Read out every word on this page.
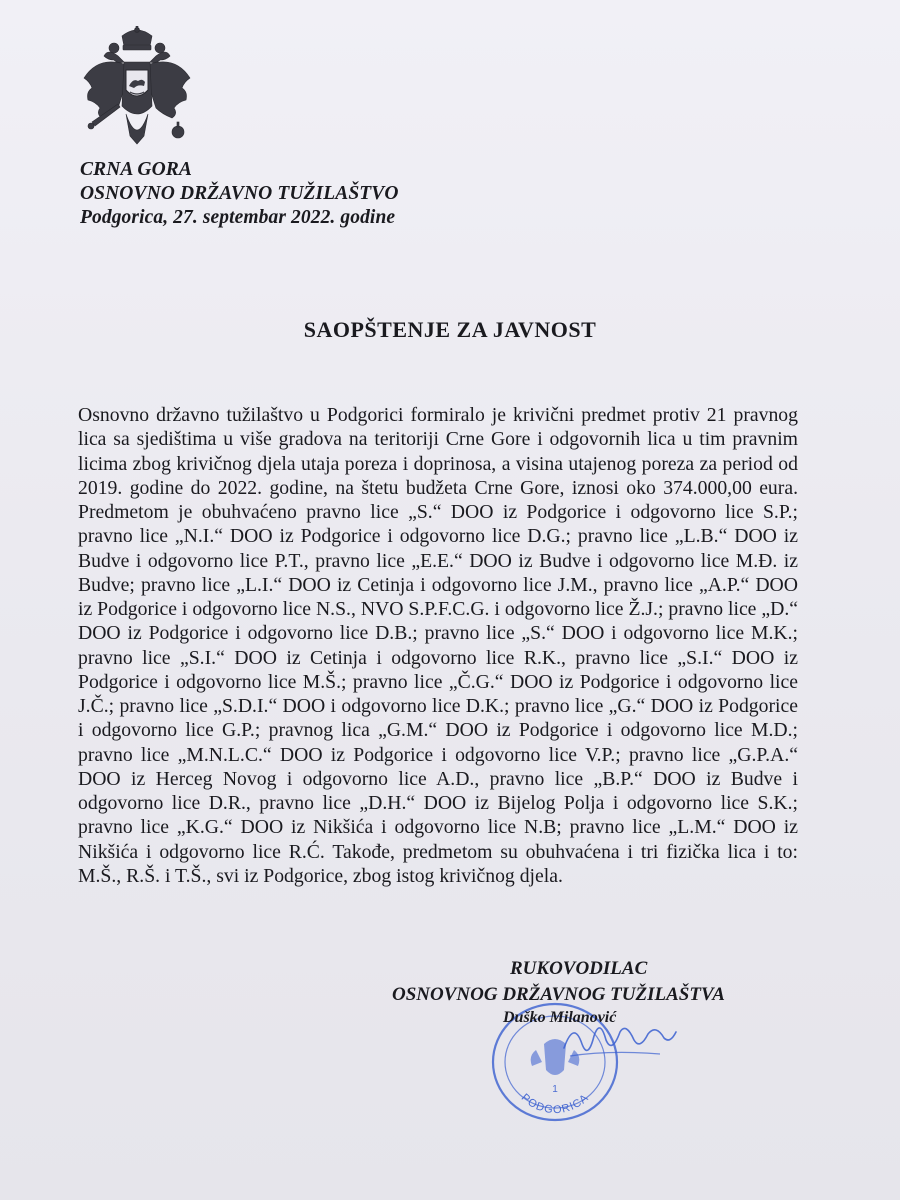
CRNA GORA
OSNOVNO DRŽAVNO TUŽILAŠTVO
Podgorica, 27. septembar 2022. godine
SAOPŠTENJE ZA JAVNOST
Osnovno državno tužilaštvo u Podgorici formiralo je krivični predmet protiv 21 pravnog lica sa sjedištima u više gradova na teritoriji Crne Gore i odgovornih lica u tim pravnim licima zbog krivičnog djela utaja poreza i doprinosa, a visina utajenog poreza za period od 2019. godine do 2022. godine, na štetu budžeta Crne Gore, iznosi oko 374.000,00 eura. Predmetom je obuhvaćeno pravno lice „S.“ DOO iz Podgorice i odgovorno lice S.P.; pravno lice „N.I.“ DOO iz Podgorice i odgovorno lice D.G.; pravno lice „L.B.“ DOO iz Budve i odgovorno lice P.T., pravno lice „E.E.“ DOO iz Budve i odgovorno lice M.Đ. iz Budve; pravno lice „L.I.“ DOO iz Cetinja i odgovorno lice J.M., pravno lice „A.P.“ DOO iz Podgorice i odgovorno lice N.S., NVO S.P.F.C.G. i odgovorno lice Ž.J.; pravno lice „D.“ DOO iz Podgorice i odgovorno lice D.B.; pravno lice „S.“ DOO i odgovorno lice M.K.; pravno lice „S.I.“ DOO iz Cetinja i odgovorno lice R.K., pravno lice „S.I.“ DOO iz Podgorice i odgovorno lice M.Š.; pravno lice „Č.G.“ DOO iz Podgorice i odgovorno lice J.Č.; pravno lice „S.D.I.“ DOO i odgovorno lice D.K.; pravno lice „G.“ DOO iz Podgorice i odgovorno lice G.P.; pravnog lica „G.M.“ DOO iz Podgorice i odgovorno lice M.D.; pravno lice „M.N.L.C.“ DOO iz Podgorice i odgovorno lice V.P.; pravno lice „G.P.A.“ DOO iz Herceg Novog i odgovorno lice A.D., pravno lice „B.P.“ DOO iz Budve i odgovorno lice D.R., pravno lice „D.H.“ DOO iz Bijelog Polja i odgovorno lice S.K.; pravno lice „K.G.“ DOO iz Nikšića i odgovorno lice N.B; pravno lice „L.M.“ DOO iz Nikšića i odgovorno lice R.Ć. Takođe, predmetom su obuhvaćena i tri fizička lica i to: M.Š., R.Š. i T.Š., svi iz Podgorice, zbog istog krivičnog djela.
RUKOVODILAC
OSNOVNOG DRŽAVNOG TUŽILAŠTVA
PODGORICA
1
Duško Milanović
